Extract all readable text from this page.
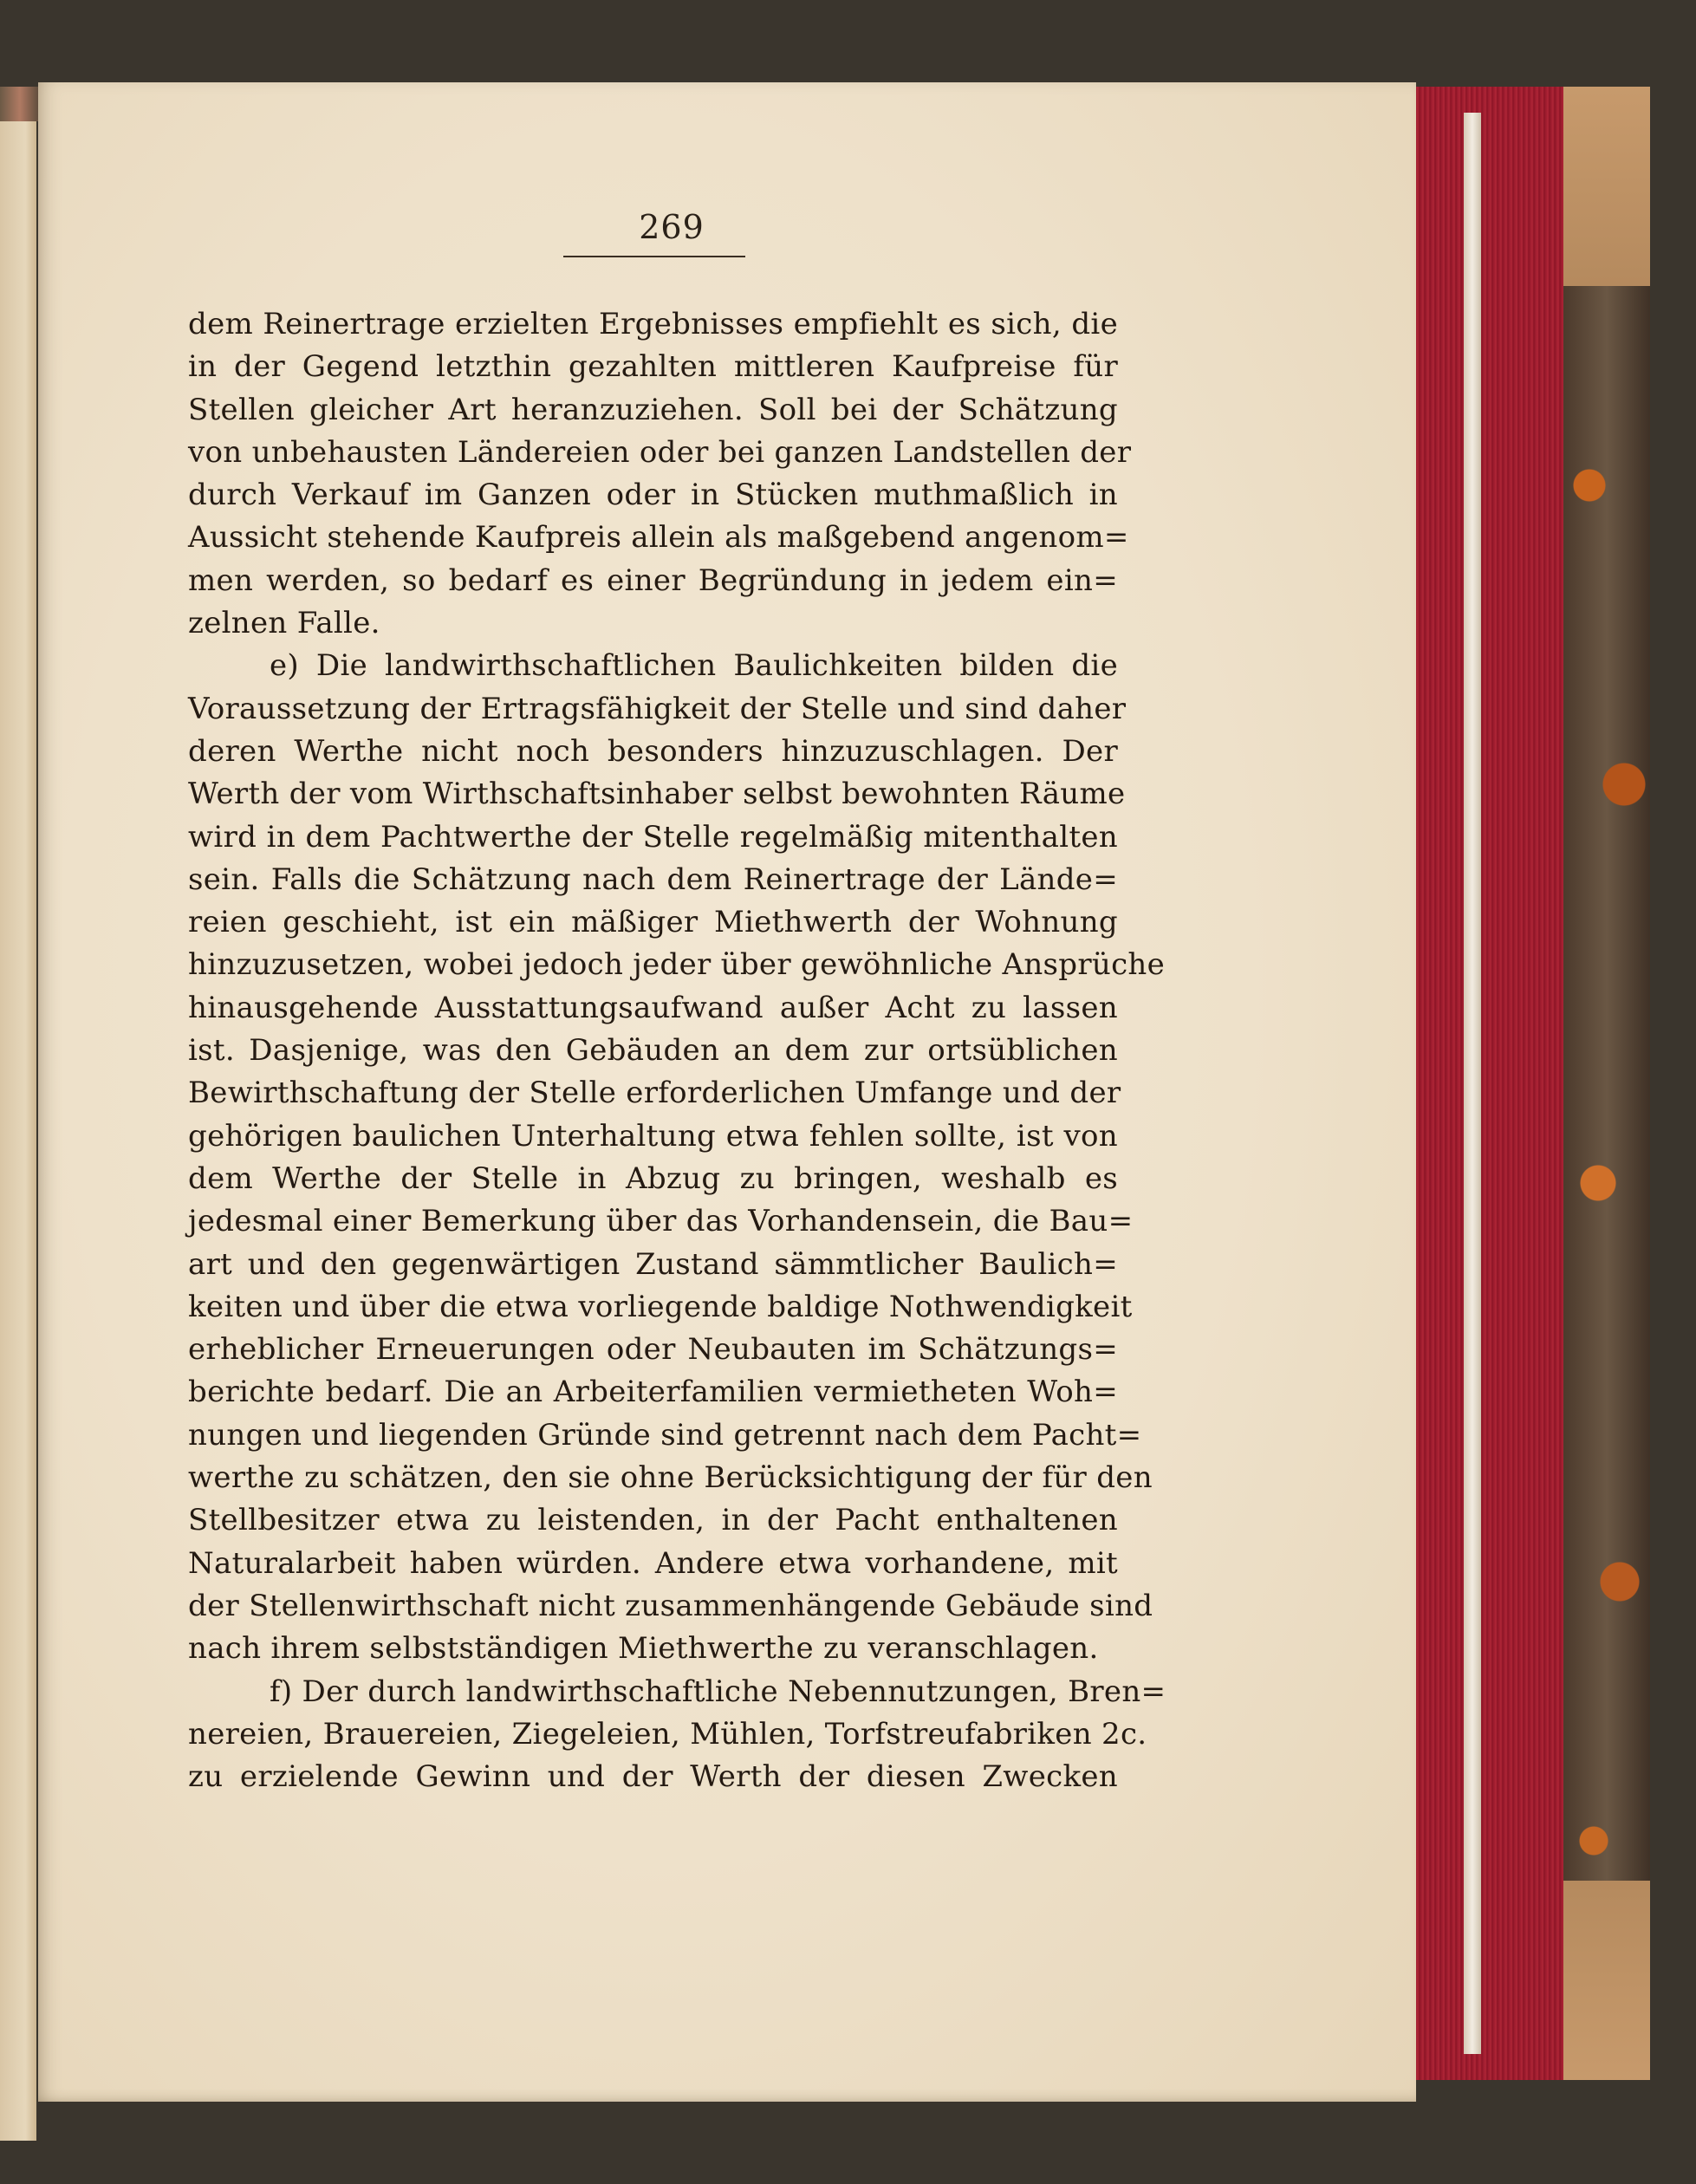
269
dem Reinertrage erzielten Ergebnisses empfiehlt es sich, die
in der Gegend letzthin gezahlten mittleren Kaufpreise für
Stellen gleicher Art heranzuziehen. Soll bei der Schätzung
von unbehausten Ländereien oder bei ganzen Landstellen der
durch Verkauf im Ganzen oder in Stücken muthmaßlich in
Aussicht stehende Kaufpreis allein als maßgebend angenom=
men werden, so bedarf es einer Begründung in jedem ein=
zelnen Falle.
e) Die landwirthschaftlichen Baulichkeiten bilden die
Voraussetzung der Ertragsfähigkeit der Stelle und sind daher
deren Werthe nicht noch besonders hinzuzuschlagen. Der
Werth der vom Wirthschaftsinhaber selbst bewohnten Räume
wird in dem Pachtwerthe der Stelle regelmäßig mitenthalten
sein. Falls die Schätzung nach dem Reinertrage der Lände=
reien geschieht, ist ein mäßiger Miethwerth der Wohnung
hinzuzusetzen, wobei jedoch jeder über gewöhnliche Ansprüche
hinausgehende Ausstattungsaufwand außer Acht zu lassen
ist. Dasjenige, was den Gebäuden an dem zur ortsüblichen
Bewirthschaftung der Stelle erforderlichen Umfange und der
gehörigen baulichen Unterhaltung etwa fehlen sollte, ist von
dem Werthe der Stelle in Abzug zu bringen, weshalb es
jedesmal einer Bemerkung über das Vorhandensein, die Bau=
art und den gegenwärtigen Zustand sämmtlicher Baulich=
keiten und über die etwa vorliegende baldige Nothwendigkeit
erheblicher Erneuerungen oder Neubauten im Schätzungs=
berichte bedarf. Die an Arbeiterfamilien vermietheten Woh=
nungen und liegenden Gründe sind getrennt nach dem Pacht=
werthe zu schätzen, den sie ohne Berücksichtigung der für den
Stellbesitzer etwa zu leistenden, in der Pacht enthaltenen
Naturalarbeit haben würden. Andere etwa vorhandene, mit
der Stellenwirthschaft nicht zusammenhängende Gebäude sind
nach ihrem selbstständigen Miethwerthe zu veranschlagen.
f) Der durch landwirthschaftliche Nebennutzungen, Bren=
nereien, Brauereien, Ziegeleien, Mühlen, Torfstreufabriken 2c.
zu erzielende Gewinn und der Werth der diesen Zwecken
